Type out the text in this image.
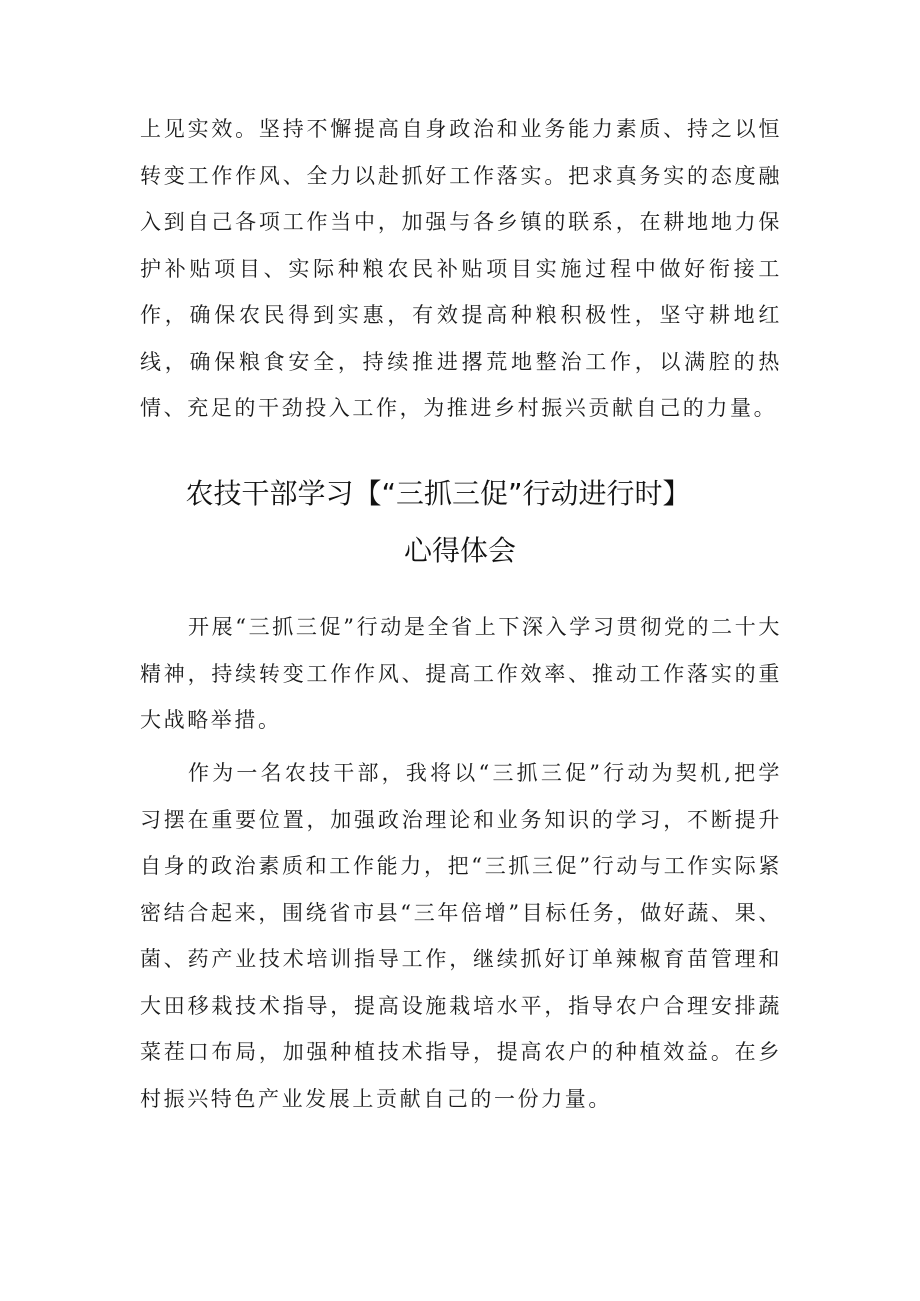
上见实效。坚持不懈提高自身政治和业务能力素质、持之以恒转变工作作风、全力以赴抓好工作落实。把求真务实的态度融入到自己各项工作当中，加强与各乡镇的联系，在耕地地力保护补贴项目、实际种粮农民补贴项目实施过程中做好衔接工作，确保农民得到实惠，有效提高种粮积极性，坚守耕地红线，确保粮食安全，持续推进撂荒地整治工作，以满腔的热情、充足的干劲投入工作，为推进乡村振兴贡献自己的力量。

农技干部学习【“三抓三促”行动进行时】
心得体会

开展“三抓三促”行动是全省上下深入学习贯彻党的二十大精神，持续转变工作作风、提高工作效率、推动工作落实的重大战略举措。

作为一名农技干部，我将以“三抓三促”行动为契机,把学习摆在重要位置，加强政治理论和业务知识的学习，不断提升自身的政治素质和工作能力，把“三抓三促”行动与工作实际紧密结合起来，围绕省市县“三年倍增”目标任务，做好蔬、果、菌、药产业技术培训指导工作，继续抓好订单辣椒育苗管理和大田移栽技术指导，提高设施栽培水平，指导农户合理安排蔬菜茬口布局，加强种植技术指导，提高农户的种植效益。在乡村振兴特色产业发展上贡献自己的一份力量。
